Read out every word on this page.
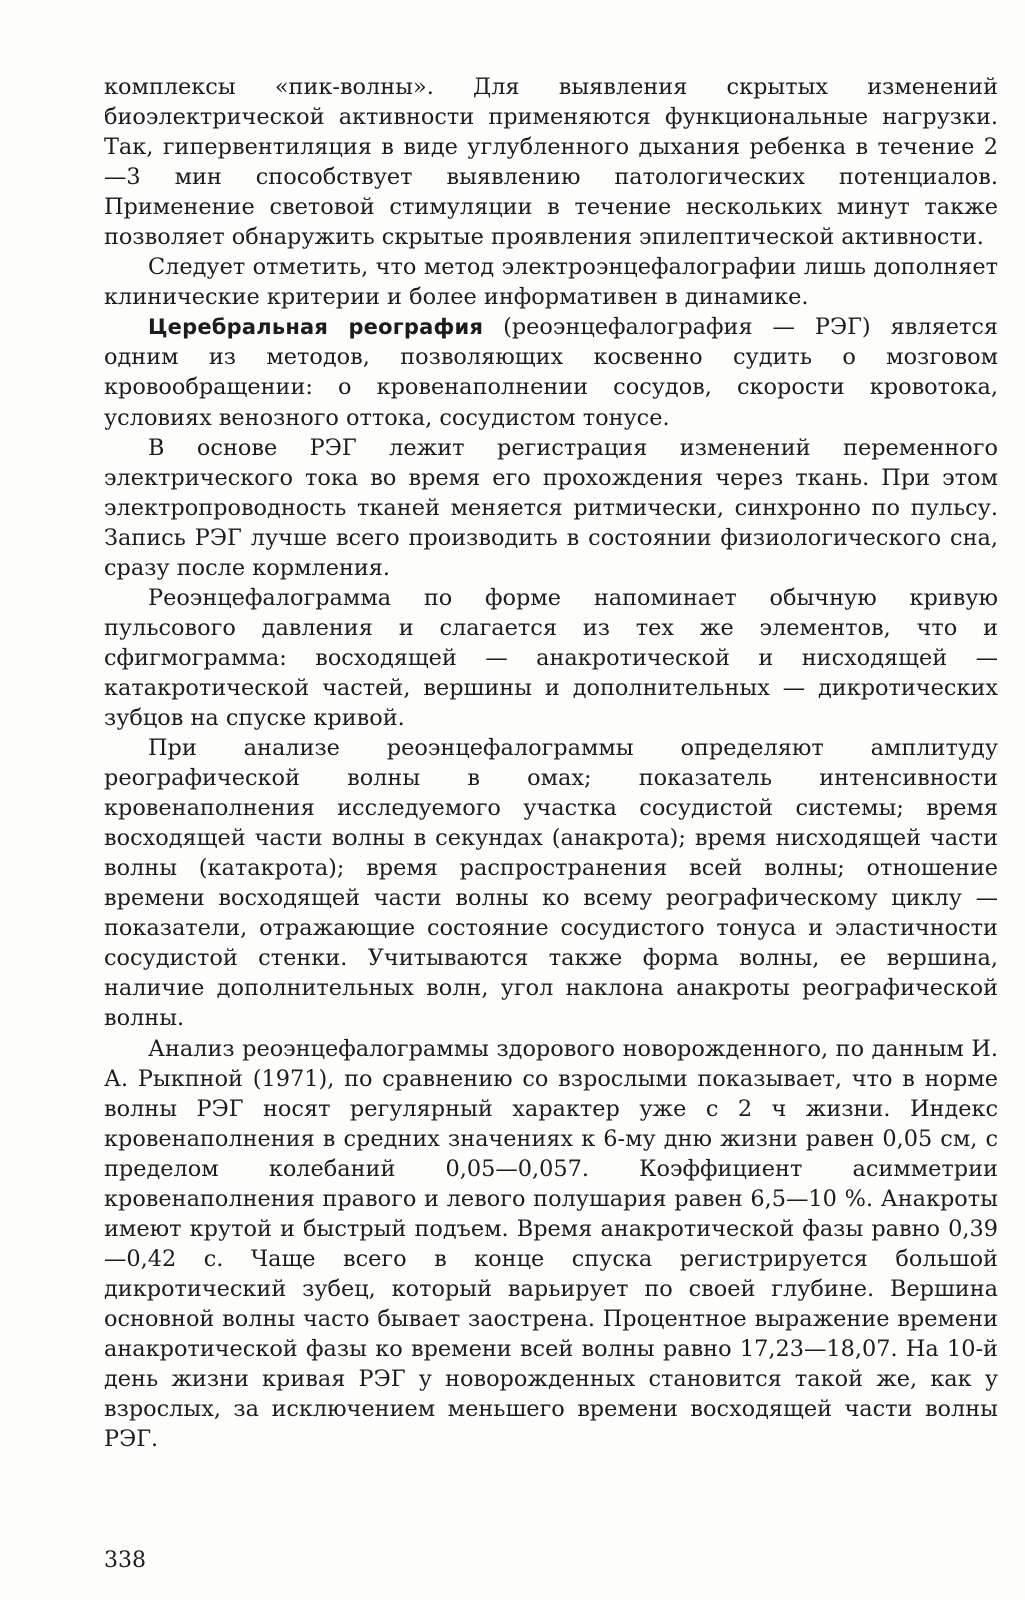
комплексы «пик-волны». Для выявления скрытых изменений биоэлектрической активности применяются функциональные нагрузки. Так, гипервентиляция в виде углубленного дыхания ребенка в течение 2—3 мин способствует выявлению патологических потенциалов. Применение световой стимуляции в течение нескольких минут также позволяет обнаружить скрытые проявления эпилептической активности.

Следует отметить, что метод электроэнцефалографии лишь дополняет клинические критерии и более информативен в динамике.

Церебральная реография (реоэнцефалография — РЭГ) является одним из методов, позволяющих косвенно судить о мозговом кровообращении: о кровенаполнении сосудов, скорости кровотока, условиях венозного оттока, сосудистом тонусе.

В основе РЭГ лежит регистрация изменений переменного электрического тока во время его прохождения через ткань. При этом электропроводность тканей меняется ритмически, синхронно по пульсу. Запись РЭГ лучше всего производить в состоянии физиологического сна, сразу после кормления.

Реоэнцефалограмма по форме напоминает обычную кривую пульсового давления и слагается из тех же элементов, что и сфигмограмма: восходящей — анакротической и нисходящей — катакротической частей, вершины и дополнительных — дикротических зубцов на спуске кривой.

При анализе реоэнцефалограммы определяют амплитуду реографической волны в омах; показатель интенсивности кровенаполнения исследуемого участка сосудистой системы; время восходящей части волны в секундах (анакрота); время нисходящей части волны (катакрота); время распространения всей волны; отношение времени восходящей части волны ко всему реографическому циклу — показатели, отражающие состояние сосудистого тонуса и эластичности сосудистой стенки. Учитываются также форма волны, ее вершина, наличие дополнительных волн, угол наклона анакроты реографической волны.

Анализ реоэнцефалограммы здорового новорожденного, по данным И. А. Рыкпной (1971), по сравнению со взрослыми показывает, что в норме волны РЭГ носят регулярный характер уже с 2 ч жизни. Индекс кровенаполнения в средних значениях к 6-му дню жизни равен 0,05 см, с пределом колебаний 0,05—0,057. Коэффициент асимметрии кровенаполнения правого и левого полушария равен 6,5—10 %. Анакроты имеют крутой и быстрый подъем. Время анакротической фазы равно 0,39—0,42 с. Чаще всего в конце спуска регистрируется большой дикротический зубец, который варьирует по своей глубине. Вершина основной волны часто бывает заострена. Процентное выражение времени анакротической фазы ко времени всей волны равно 17,23—18,07. На 10-й день жизни кривая РЭГ у новорожденных становится такой же, как у взрослых, за исключением меньшего времени восходящей части волны РЭГ.

338
